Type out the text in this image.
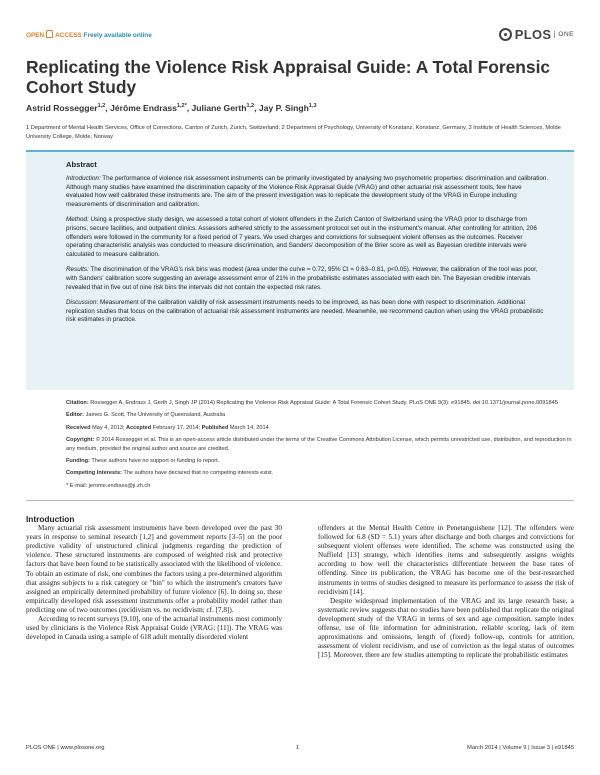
OPEN ACCESS Freely available online	PLOS	ONE
Replicating the Violence Risk Appraisal Guide: A Total Forensic Cohort Study
Astrid Rossegger$^{1,2}$, Jérôme Endrass$^{1,2*}$, Juliane Gerth$^{1,2}$, Jay P. Singh$^{1,3}$
1 Department of Mental Health Services, Office of Corrections, Canton of Zurich, Zurich, Switzerland, 2 Department of Psychology, University of Konstanz, Konstanz, Germany, 3 Institute of Health Sciences, Molde University College, Molde, Norway
Abstract

Introduction: The performance of violence risk assessment instruments can be primarily investigated by analysing two psychometric properties: discrimination and calibration. Although many studies have examined the discrimination capacity of the Violence Risk Appraisal Guide (VRAG) and other actuarial risk assessment tools, few have evaluated how well calibrated these instruments are. The aim of the present investigation was to replicate the development study of the VRAG in Europe including measurements of discrimination and calibration.

Method: Using a prospective study design, we assessed a total cohort of violent offenders in the Zurich Canton of Switzerland using the VRAG prior to discharge from prisons, secure facilities, and outpatient clinics. Assessors adhered strictly to the assessment protocol set out in the instrument's manual. After controlling for attrition, 206 offenders were followed in the community for a fixed period of 7 years. We used charges and convictions for subsequent violent offenses as the outcomes. Receiver operating characteristic analysis was conducted to measure discrimination, and Sanders' decomposition of the Brier score as well as Bayesian credible intervals were calculated to measure calibration.

Results: The discrimination of the VRAG's risk bins was modest (area under the curve = 0.72, 95% CI = 0.63–0.81, p<0.05). However, the calibration of the tool was poor, with Sanders' calibration score suggesting an average assessment error of 21% in the probabilistic estimates associated with each bin. The Bayesian credible intervals revealed that in five out of nine risk bins the intervals did not contain the expected risk rates.

Discussion: Measurement of the calibration validity of risk assessment instruments needs to be improved, as has been done with respect to discrimination. Additional replication studies that focus on the calibration of actuarial risk assessment instruments are needed. Meanwhile, we recommend caution when using the VRAG probabilistic risk estimates in practice.

Citation: Rossegger A, Endrass J, Gerth J, Singh JP (2014) Replicating the Violence Risk Appraisal Guide: A Total Forensic Cohort Study. PLoS ONE 9(3): e91845. doi:10.1371/journal.pone.0091845

Editor: James G. Scott, The University of Queensland, Australia

Received May 4, 2013; Accepted February 17, 2014; Published March 14, 2014

Copyright: © 2014 Rossegger et al. This is an open-access article distributed under the terms of the Creative Commons Attribution License, which permits unrestricted use, distribution, and reproduction in any medium, provided the original author and source are credited.

Funding: These authors have no support or funding to report.

Competing Interests: The authors have declared that no competing interests exist.

* E-mail: jerome.endrass@ji.zh.ch

Introduction

Many actuarial risk assessment instruments have been developed over the past 30 years in response to seminal research [1,2] and government reports [3–5] on the poor predictive validity of unstructured clinical judgments regarding the prediction of violence. These structured instruments are composed of weighted risk and protective factors that have been found to be statistically associated with the likelihood of violence. To obtain an estimate of risk, one combines the factors using a pre-determined algorithm that assigns subjects to a risk category or "bin" to which the instrument's creators have assigned an empirically determined probability of future violence [6]. In doing so, these empirically developed risk assessment instruments offer a probability model rather than predicting one of two outcomes (recidivism vs. no recidivism; cf. [7,8]).

According to recent surveys [9,10], one of the actuarial instruments most commonly used by clinicians is the Violence Risk Appraisal Guide (VRAG; [11]). The VRAG was developed in Canada using a sample of 618 adult mentally disordered violent

offenders at the Mental Health Centre in Penetanguishene [12]. The offenders were followed for 6.8 (SD = 5.1) years after discharge and both charges and convictions for subsequent violent offenses were identified. The scheme was constructed using the Nuffield [13] strategy, which identifies items and subsequently assigns weights according to how well the characteristics differentiate between the base rates of offending. Since its publication, the VRAG has become one of the best-researched instruments in terms of studies designed to measure its performance to assess the risk of recidivism [14].

Despite widespread implementation of the VRAG and its large research base, a systematic review suggests that no studies have been published that replicate the original development study of the VRAG in terms of sex and age composition, sample index offense, use of file information for administration, reliable scoring, lack of item approximations and omissions, length of (fixed) follow-up, controls for attrition, assessment of violent recidivism, and use of conviction as the legal status of outcomes [15]. Moreover, there are few studies attempting to replicate the probabilistic estimates

PLOS ONE | www.plosone.org	1	March 2014 | Volume 9 | Issue 3 | e91845
